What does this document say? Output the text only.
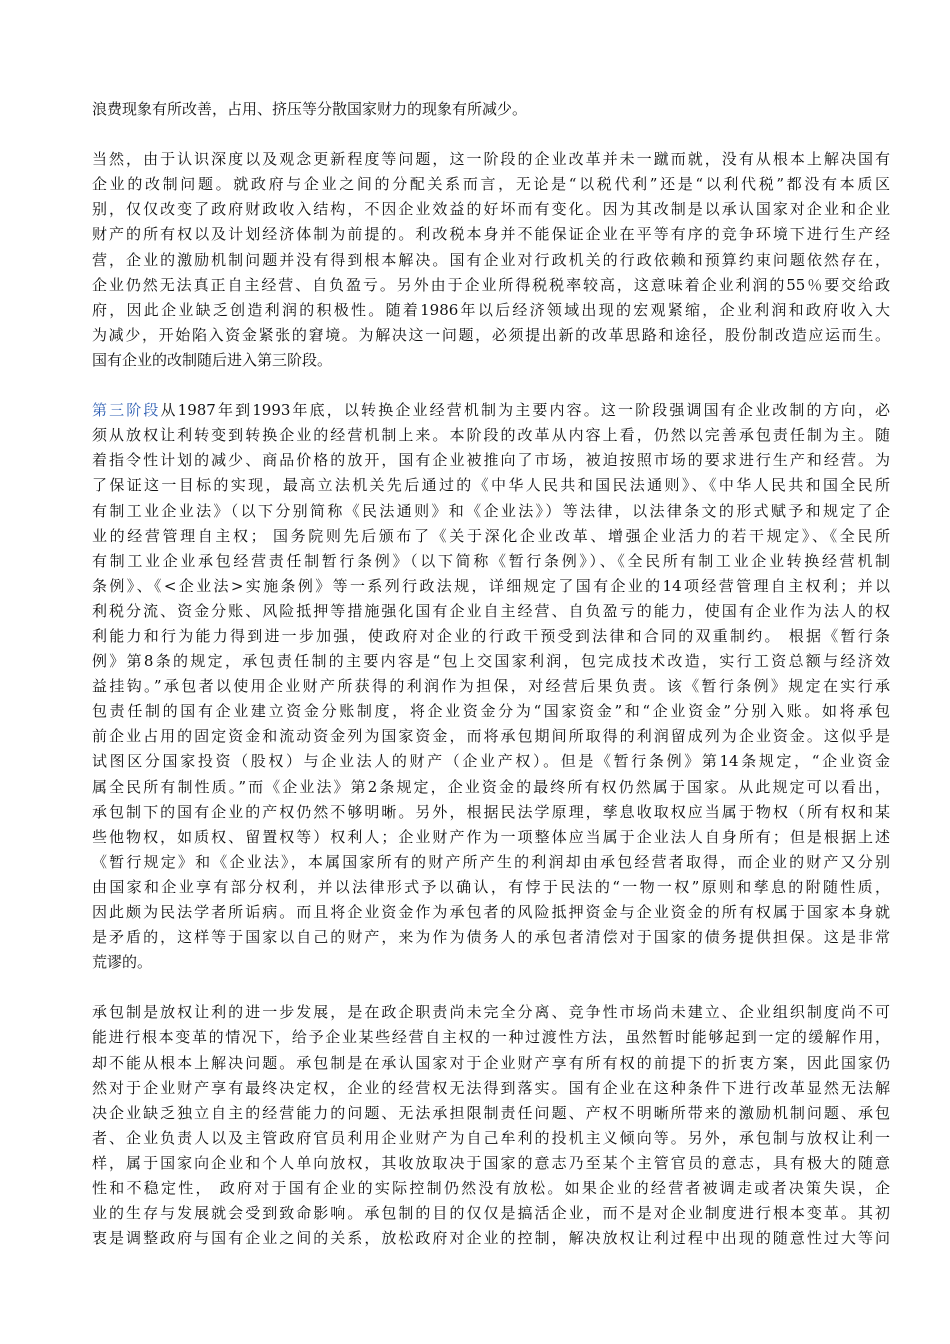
浪费现象有所改善，占用、挤压等分散国家财力的现象有所减少。
当然，由于认识深度以及观念更新程度等问题，这一阶段的企业改革并未一蹴而就，没有从根本上解决国有
企业的改制问题。就政府与企业之间的分配关系而言，无论是“以税代利”还是“以利代税”都没有本质区
别，仅仅改变了政府财政收入结构，不因企业效益的好坏而有变化。因为其改制是以承认国家对企业和企业
财产的所有权以及计划经济体制为前提的。利改税本身并不能保证企业在平等有序的竞争环境下进行生产经
营，企业的激励机制问题并没有得到根本解决。国有企业对行政机关的行政依赖和预算约束问题依然存在，
企业仍然无法真正自主经营、自负盈亏。另外由于企业所得税税率较高，这意味着企业利润的55％要交给政
府，因此企业缺乏创造利润的积极性。随着1986年以后经济领域出现的宏观紧缩，企业利润和政府收入大
为减少，开始陷入资金紧张的窘境。为解决这一问题，必须提出新的改革思路和途径，股份制改造应运而生。
国有企业的改制随后进入第三阶段。
第三阶段从1987年到1993年底，以转换企业经营机制为主要内容。这一阶段强调国有企业改制的方向，必
须从放权让利转变到转换企业的经营机制上来。本阶段的改革从内容上看，仍然以完善承包责任制为主。随
着指令性计划的减少、商品价格的放开，国有企业被推向了市场，被迫按照市场的要求进行生产和经营。为
了保证这一目标的实现，最高立法机关先后通过的《中华人民共和国民法通则》、《中华人民共和国全民所
有制工业企业法》（以下分别简称《民法通则》和《企业法》）等法律，以法律条文的形式赋予和规定了企
业的经营管理自主权； 国务院则先后颁布了《关于深化企业改革、增强企业活力的若干规定》、《全民所
有制工业企业承包经营责任制暂行条例》（以下简称《暂行条例》）、《全民所有制工业企业转换经营机制
条例》、《<企业法>实施条例》等一系列行政法规，详细规定了国有企业的14项经营管理自主权利；并以
利税分流、资金分账、风险抵押等措施强化国有企业自主经营、自负盈亏的能力，使国有企业作为法人的权
利能力和行为能力得到进一步加强，使政府对企业的行政干预受到法律和合同的双重制约。 根据《暂行条
例》第8条的规定，承包责任制的主要内容是“包上交国家利润，包完成技术改造，实行工资总额与经济效
益挂钩。”承包者以使用企业财产所获得的利润作为担保，对经营后果负责。该《暂行条例》规定在实行承
包责任制的国有企业建立资金分账制度，将企业资金分为“国家资金”和“企业资金”分别入账。如将承包
前企业占用的固定资金和流动资金列为国家资金，而将承包期间所取得的利润留成列为企业资金。这似乎是
试图区分国家投资（股权）与企业法人的财产（企业产权）。但是《暂行条例》第14条规定，“企业资金
属全民所有制性质。”而《企业法》第2条规定，企业资金的最终所有权仍然属于国家。从此规定可以看出，
承包制下的国有企业的产权仍然不够明晰。另外，根据民法学原理，孳息收取权应当属于物权（所有权和某
些他物权，如质权、留置权等）权利人；企业财产作为一项整体应当属于企业法人自身所有；但是根据上述
《暂行规定》和《企业法》，本属国家所有的财产所产生的利润却由承包经营者取得，而企业的财产又分别
由国家和企业享有部分权利，并以法律形式予以确认，有悖于民法的“一物一权”原则和孳息的附随性质，
因此颇为民法学者所诟病。而且将企业资金作为承包者的风险抵押资金与企业资金的所有权属于国家本身就
是矛盾的，这样等于国家以自己的财产，来为作为债务人的承包者清偿对于国家的债务提供担保。这是非常
荒谬的。
承包制是放权让利的进一步发展，是在政企职责尚未完全分离、竞争性市场尚未建立、企业组织制度尚不可
能进行根本变革的情况下，给予企业某些经营自主权的一种过渡性方法，虽然暂时能够起到一定的缓解作用，
却不能从根本上解决问题。承包制是在承认国家对于企业财产享有所有权的前提下的折衷方案，因此国家仍
然对于企业财产享有最终决定权，企业的经营权无法得到落实。国有企业在这种条件下进行改革显然无法解
决企业缺乏独立自主的经营能力的问题、无法承担限制责任问题、产权不明晰所带来的激励机制问题、承包
者、企业负责人以及主管政府官员利用企业财产为自己牟利的投机主义倾向等。另外，承包制与放权让利一
样，属于国家向企业和个人单向放权，其收放取决于国家的意志乃至某个主管官员的意志，具有极大的随意
性和不稳定性， 政府对于国有企业的实际控制仍然没有放松。如果企业的经营者被调走或者决策失误，企
业的生存与发展就会受到致命影响。承包制的目的仅仅是搞活企业，而不是对企业制度进行根本变革。其初
衷是调整政府与国有企业之间的关系，放松政府对企业的控制，解决放权让利过程中出现的随意性过大等问
